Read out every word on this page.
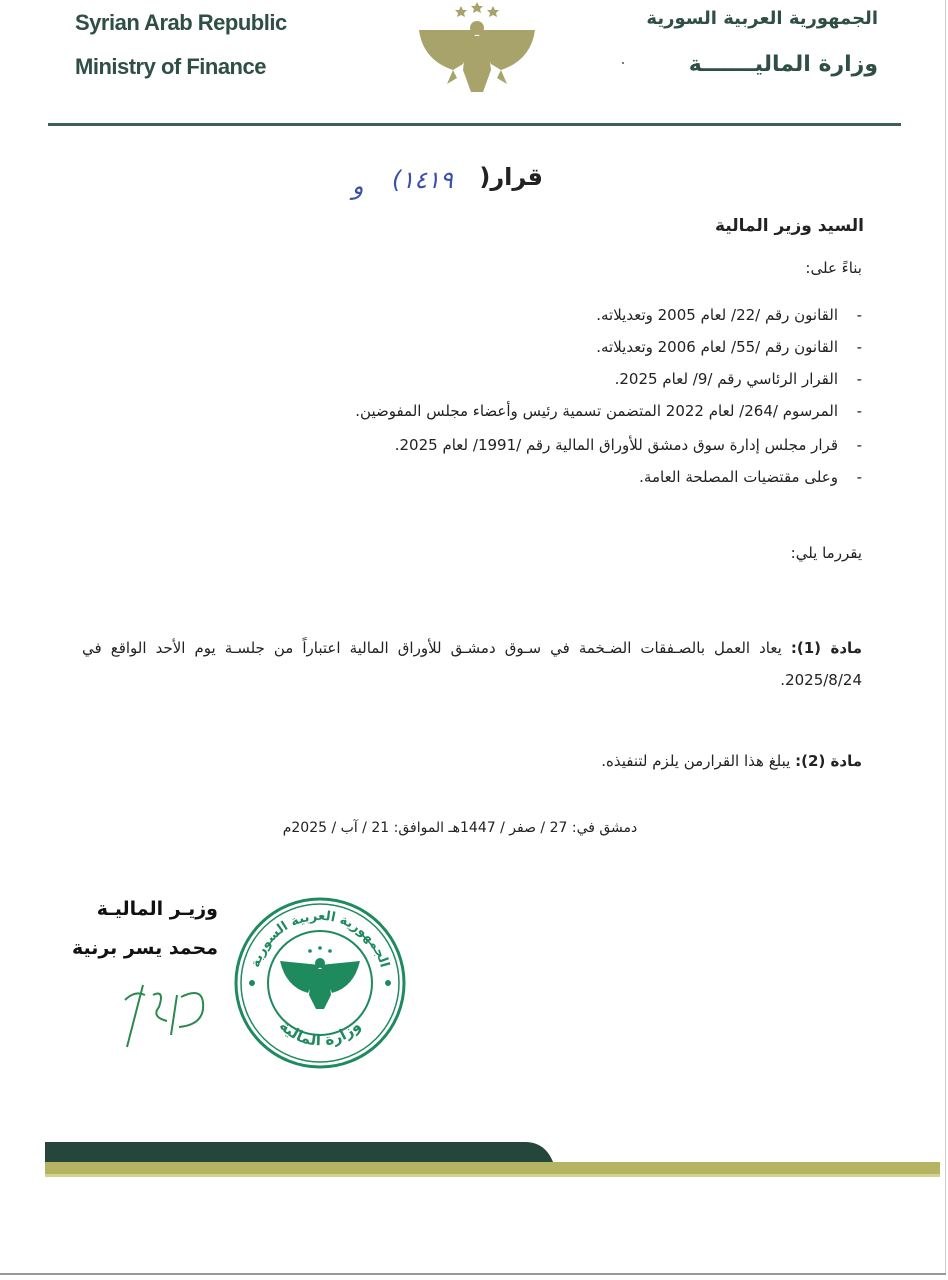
Syrian Arab Republic
Ministry of Finance
الجمهورية العربية السورية
وزارة الماليـــــــة
قرار(
١٤١٩)
و
السيد وزير المالية
بناءً على:
-
القانون رقم /22/ لعام 2005 وتعديلاته.
-
القانون رقم /55/ لعام 2006 وتعديلاته.
-
القرار الرئاسي رقم /9/ لعام 2025.
-
المرسوم /264/ لعام 2022 المتضمن تسمية رئيس وأعضاء مجلس المفوضين.
-
قرار مجلس إدارة سوق دمشق للأوراق المالية رقم /1991/ لعام 2025.
-
وعلى مقتضيات المصلحة العامة.
يقررما يلي:
مادة (1): يعاد العمل بالصـفقات الضـخمة في سـوق دمشـق للأوراق المالية اعتباراً من جلسـة يوم الأحد الواقع في 2025/8/24.
مادة (2): يبلغ هذا القرارمن يلزم لتنفيذه.
دمشق في: 27 / صفر / 1447هـ الموافق: 21 / آب / 2025م
الجمهورية العربية السورية
وزارة المالية
وزيـر الماليـة
محمد يسر برنية
